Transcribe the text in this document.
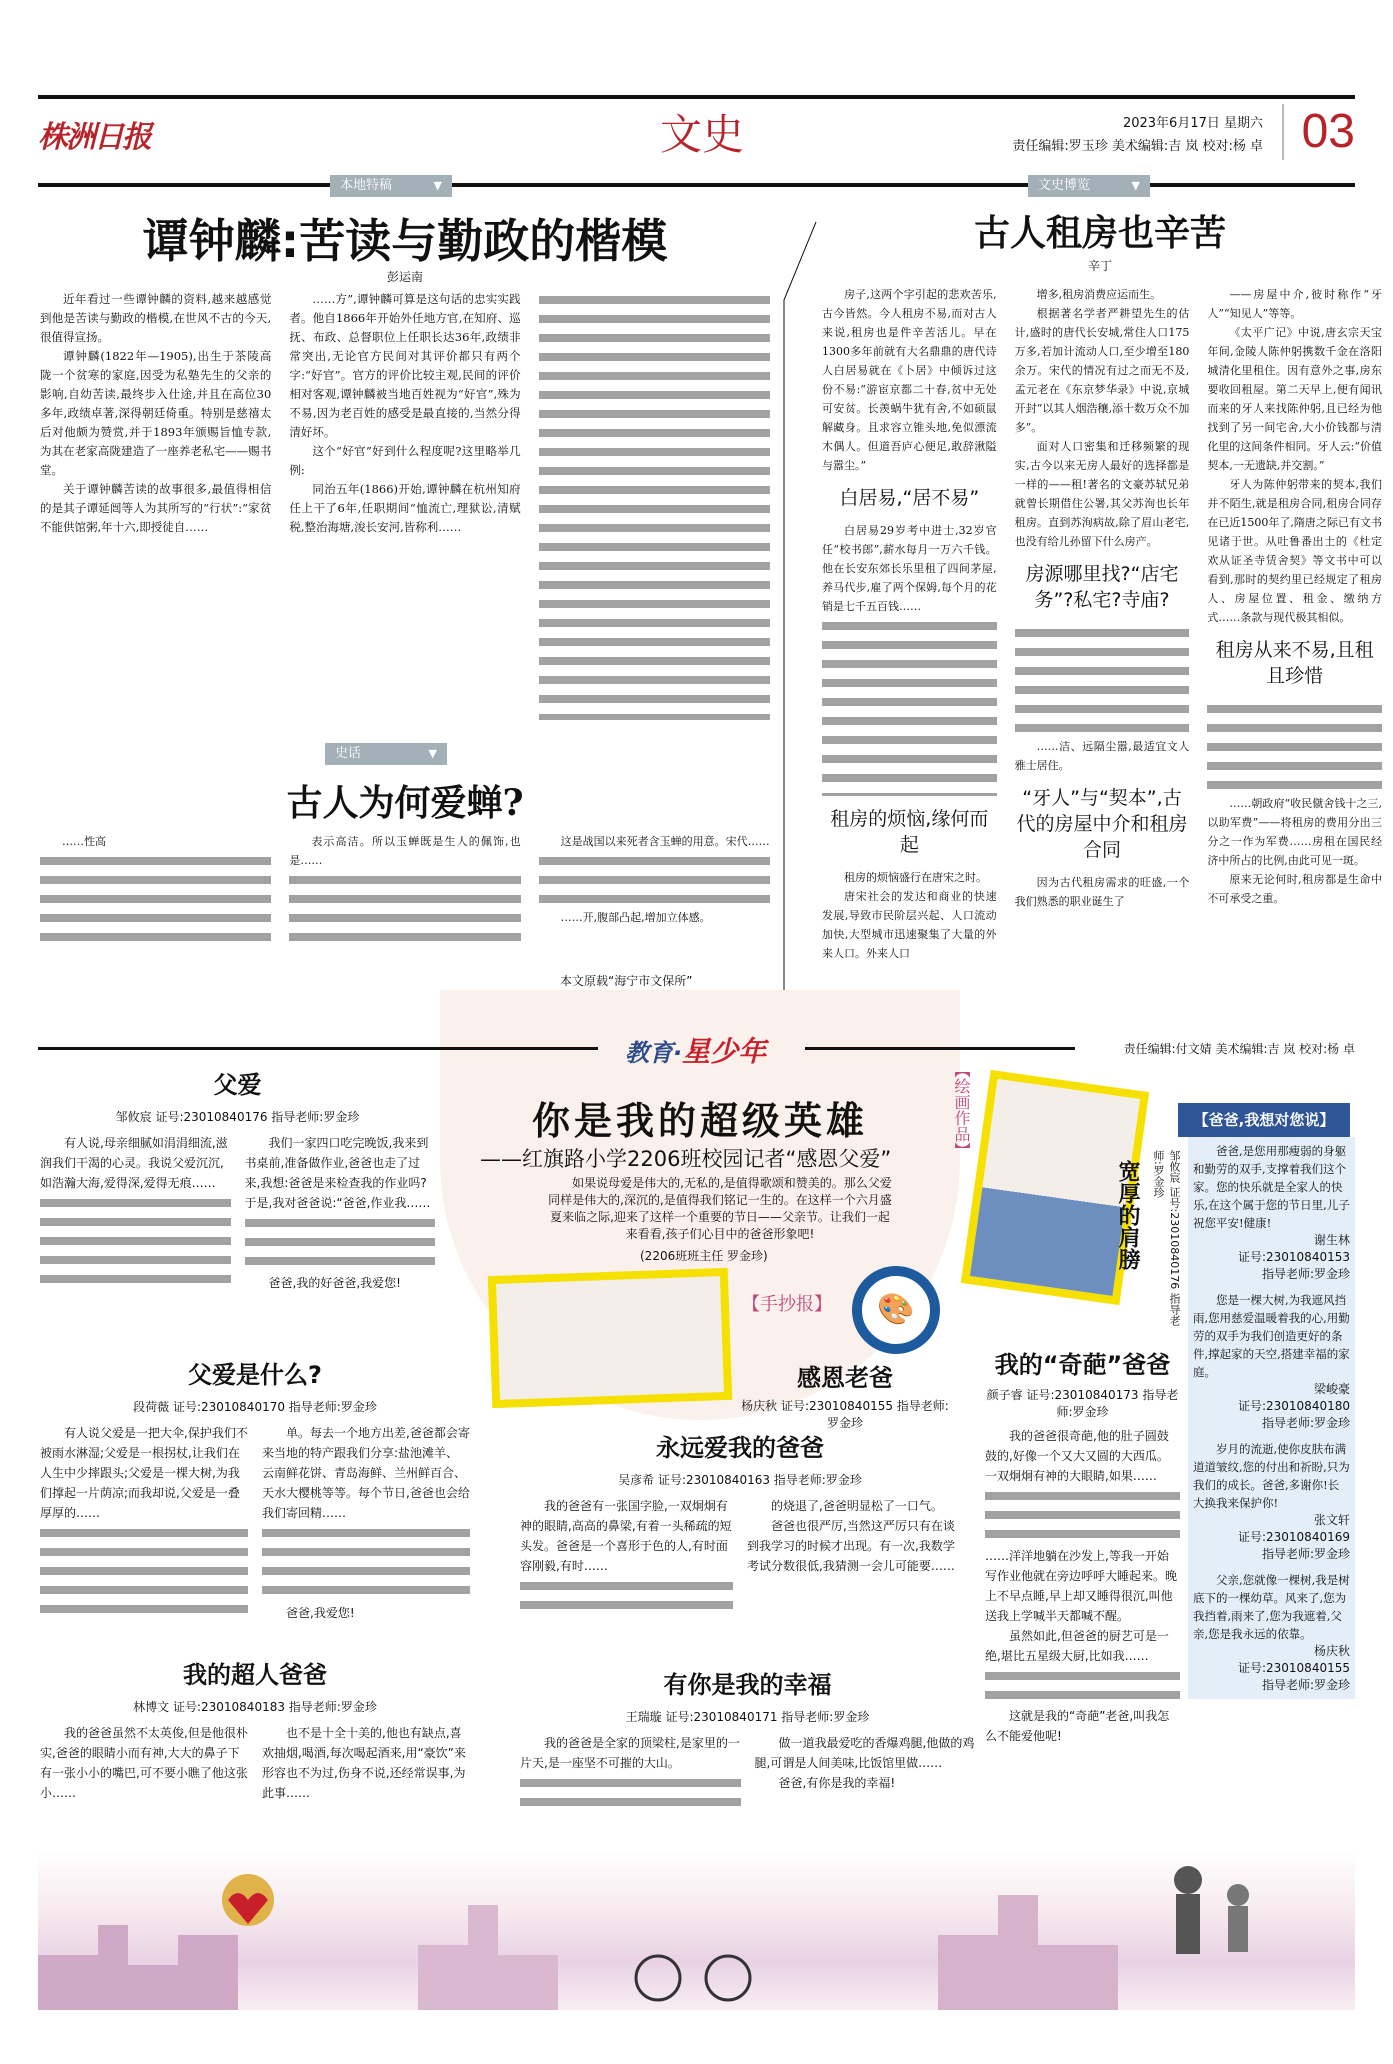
株洲日报	文史	2023年6月17日 星期六
责任编辑:罗玉珍 美术编辑:吉 岚 校对:杨 卓 03
本地特稿	▼
谭钟麟:苦读与勤政的楷模
彭运南

近年看过一些谭钟麟的资料,越来越感觉到他是苦读与勤政的楷模,在世风不古的今天,很值得宣扬。

谭钟麟(1822年—1905),出生于茶陵高陇一个贫寒的家庭,因受为私塾先生的父亲的影响,自幼苦读,最终步入仕途,并且在高位30多年,政绩卓著,深得朝廷倚重。特别是慈禧太后对他颇为赞赏,并于1893年颁赐旨恤专款,为其在老家高陇建造了一座养老私宅——赐书堂。

关于谭钟麟苦读的故事很多,最值得相信的是其子谭延闿等人为其所写的“行状”:“家贫不能供馆粥,年十六,即授徒自……

……方”,谭钟麟可算是这句话的忠实实践者。他自1866年开始外任地方官,在知府、巡抚、布政、总督职位上任职长达36年,政绩非常突出,无论官方民间对其评价都只有两个字:“好官”。官方的评价比较主观,民间的评价相对客观,谭钟麟被当地百姓视为“好官”,殊为不易,因为老百姓的感受是最直接的,当然分得清好坏。

这个“好官”好到什么程度呢?这里略举几例:

同治五年(1866)开始,谭钟麟在杭州知府任上干了6年,任职期间“恤流亡,理狱讼,清赋税,整治海塘,浚长安河,皆称利……

文史博览	▼
古人租房也辛苦
辛丁

房子,这两个字引起的悲欢苦乐,古今皆然。今人租房不易,而对古人来说,租房也是件辛苦活儿。早在1300多年前就有大名鼎鼎的唐代诗人白居易就在《卜居》中倾诉过这份不易:“游宦京都二十春,贫中无处可安贫。长羡蜗牛犹有舍,不如硕鼠解藏身。且求容立锥头地,免似漂流木偶人。但道吾庐心便足,敢辞湫隘与嚣尘。”

白居易,“居不易”

白居易29岁考中进士,32岁官任“校书郎”,薪水每月一万六千钱。他在长安东郊长乐里租了四间茅屋,养马代步,雇了两个保姆,每个月的花销是七千五百钱……

租房的烦恼,缘何而起

租房的烦恼盛行在唐宋之时。

唐宋社会的发达和商业的快速发展,导致市民阶层兴起、人口流动加快,大型城市迅速聚集了大量的外来人口。外来人口

增多,租房消费应运而生。

根据著名学者严耕望先生的估计,盛时的唐代长安城,常住人口175万多,若加计流动人口,至少增至180余万。宋代的情况有过之而无不及,孟元老在《东京梦华录》中说,京城开封“以其人烟浩穰,添十数万众不加多”。

面对人口密集和迁移频繁的现实,古今以来无房人最好的选择都是一样的——租!著名的文豪苏轼兄弟就曾长期借住公署,其父苏洵也长年租房。直到苏洵病故,除了眉山老宅,也没有给儿孙留下什么房产。

房源哪里找?“店宅务”?私宅?寺庙?

……洁、远隔尘嚣,最适宜文人雅士居住。

“牙人”与“契本”,古代的房屋中介和租房合同

因为古代租房需求的旺盛,一个我们熟悉的职业诞生了

——房屋中介,彼时称作“牙人”“知见人”等等。

《太平广记》中说,唐玄宗天宝年间,金陵人陈仲躬携数千金在洛阳城清化里租住。因有意外之事,房东要收回租屋。第二天早上,便有闻讯而来的牙人来找陈仲躬,且已经为他找到了另一间宅舍,大小价钱都与清化里的这间条件相同。牙人云:“价值契本,一无遗缺,并交割。”

牙人为陈仲躬带来的契本,我们并不陌生,就是租房合同,租房合同存在已近1500年了,隋唐之际已有文书见诸于世。从吐鲁番出土的《杜定欢从证圣寺赁舍契》等文书中可以看到,那时的契约里已经规定了租房人、房屋位置、租金、缴纳方式……条款与现代极其相似。

租房从来不易,且租且珍惜

……朝政府“收民僦舍钱十之三,以助军费”——将租房的费用分出三分之一作为军费……房租在国民经济中所占的比例,由此可见一斑。

原来无论何时,租房都是生命中不可承受之重。

史话	▼
古人为何爱蝉?

……性高	表示高洁。所以玉蝉既是生人的佩饰,也是……

这是战国以来死者含玉蝉的用意。宋代……

……开,腹部凸起,增加立体感。

本文原载“海宁市文保所”
教育·星少年	责任编辑:付文婧 美术编辑:吉 岚 校对:杨 卓
你是我的超级英雄
——红旗路小学2206班校园记者“感恩父爱”
如果说母爱是伟大的,无私的,是值得歌颂和赞美的。那么父爱同样是伟大的,深沉的,是值得我们铭记一生的。在这样一个六月盛夏来临之际,迎来了这样一个重要的节日——父亲节。让我们一起来看看,孩子们心目中的爸爸形象吧!
(2206班班主任 罗金珍)
🎨
【手抄报】
【绘画作品】
宽厚的肩膀	邹攸宸 证号:23010840176 指导老师:罗金珍
【爸爸,我想对您说】

爸爸,是您用那瘦弱的身躯和勤劳的双手,支撑着我们这个家。您的快乐就是全家人的快乐,在这个属于您的节日里,儿子祝您平安!健康!

谢生林
证号:23010840153
指导老师:罗金珍

您是一棵大树,为我遮风挡雨,您用慈爱温暖着我的心,用勤劳的双手为我们创造更好的条件,撑起家的天空,搭建幸福的家庭。

梁峻豪
证号:23010840180
指导老师:罗金珍

岁月的流逝,使你皮肤布满道道皱纹,您的付出和祈盼,只为我们的成长。爸爸,多谢你!长大换我来保护你!

张文轩
证号:23010840169
指导老师:罗金珍

父亲,您就像一棵树,我是树底下的一棵幼草。风来了,您为我挡着,雨来了,您为我遮着,父亲,您是我永远的依靠。

杨庆秋
证号:23010840155
指导老师:罗金珍
父爱
邹攸宸 证号:23010840176 指导老师:罗金珍

有人说,母亲细腻如涓涓细流,滋润我们干渴的心灵。我说父爱沉沉,如浩瀚大海,爱得深,爱得无痕……

我们一家四口吃完晚饭,我来到书桌前,准备做作业,爸爸也走了过来,我想:爸爸是来检查我的作业吗?于是,我对爸爸说:“爸爸,作业我……

爸爸,我的好爸爸,我爱您!

父爱是什么?
段荷薇 证号:23010840170 指导老师:罗金珍

有人说父爱是一把大伞,保护我们不被雨水淋湿;父爱是一根拐杖,让我们在人生中少摔跟头;父爱是一棵大树,为我们撑起一片荫凉;而我却说,父爱是一叠厚厚的……

单。每去一个地方出差,爸爸都会寄来当地的特产跟我们分享:盐池滩羊、云南鲜花饼、青岛海鲜、兰州鲜百合、天水大樱桃等等。每个节日,爸爸也会给我们寄回精……

爸爸,我爱您!

我的超人爸爸
林博文 证号:23010840183 指导老师:罗金珍

我的爸爸虽然不太英俊,但是他很朴实,爸爸的眼睛小而有神,大大的鼻子下有一张小小的嘴巴,可不要小瞧了他这张小……

也不是十全十美的,他也有缺点,喜欢抽烟,喝酒,每次喝起酒来,用“豪饮”来形容也不为过,伤身不说,还经常误事,为此事……

感恩老爸
杨庆秋 证号:23010840155 指导老师:罗金珍
永远爱我的爸爸
吴彦希 证号:23010840163 指导老师:罗金珍

我的爸爸有一张国字脸,一双炯炯有神的眼睛,高高的鼻梁,有着一头稀疏的短头发。爸爸是一个喜形于色的人,有时面容刚毅,有时……

的烧退了,爸爸明显松了一口气。

爸爸也很严厉,当然这严厉只有在谈到我学习的时候才出现。有一次,我数学考试分数很低,我猜测一会儿可能要……

我的“奇葩”爸爸
颜子睿 证号:23010840173 指导老师:罗金珍

我的爸爸很奇葩,他的肚子圆鼓鼓的,好像一个又大又圆的大西瓜。一双炯炯有神的大眼睛,如果……

……洋洋地躺在沙发上,等我一开始写作业他就在旁边呼呼大睡起来。晚上不早点睡,早上却又睡得很沉,叫他送我上学喊半天都喊不醒。

虽然如此,但爸爸的厨艺可是一绝,堪比五星级大厨,比如我……

这就是我的“奇葩”老爸,叫我怎么不能爱他呢!

有你是我的幸福
王瑞璇 证号:23010840171 指导老师:罗金珍

我的爸爸是全家的顶梁柱,是家里的一片天,是一座坚不可摧的大山。

做一道我最爱吃的香爆鸡腿,他做的鸡腿,可谓是人间美味,比饭馆里做……

爸爸,有你是我的幸福!
